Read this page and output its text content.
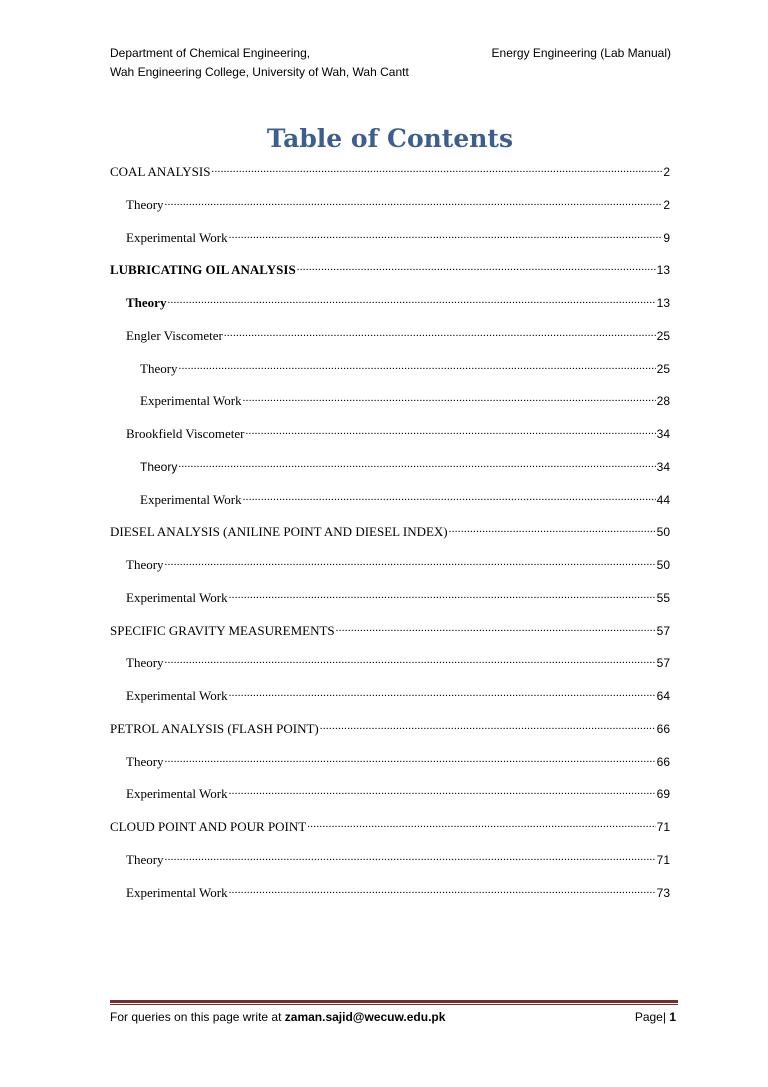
Department of Chemical Engineering,
Wah Engineering College, University of Wah, Wah Cantt
Energy Engineering (Lab Manual)
Table of Contents
COAL ANALYSIS .....	2
Theory .....	2
Experimental Work .....	9
LUBRICATING OIL ANALYSIS .....	13
Theory .....	13
Engler Viscometer .....	25
Theory .....	25
Experimental Work .....	28
Brookfield Viscometer .....	34
Theory .....	34
Experimental Work .....	44
DIESEL ANALYSIS (ANILINE POINT AND DIESEL INDEX) .....	50
Theory .....	50
Experimental Work .....	55
SPECIFIC GRAVITY MEASUREMENTS .....	57
Theory .....	57
Experimental Work .....	64
PETROL ANALYSIS (FLASH POINT) .....	66
Theory .....	66
Experimental Work .....	69
CLOUD POINT AND POUR POINT .....	71
Theory .....	71
Experimental Work .....	73
For queries on this page write at zaman.sajid@wecuw.edu.pk	Page| 1
